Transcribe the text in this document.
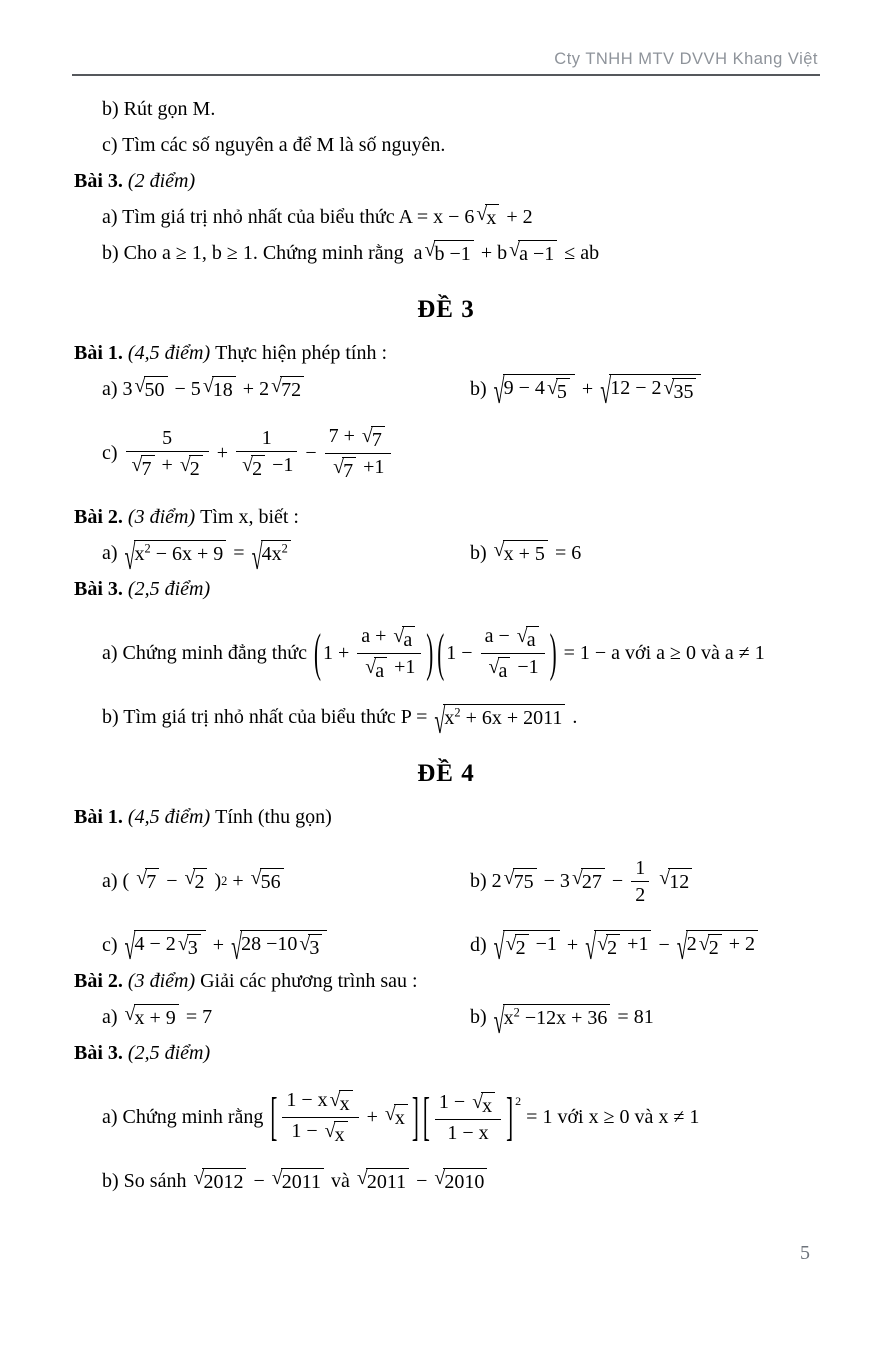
Cty TNHH MTV DVVH Khang Việt
b) Rút gọn M.
c) Tìm các số nguyên a để M là số nguyên.
Bài 3. (2 điểm)
a) Tìm giá trị nhỏ nhất của biểu thức A = x − 6 √ x + 2
b) Cho a ≥ 1, b ≥ 1. Chứng minh rằng  a √ b −1 + b √ a −1 ≤ ab
ĐỀ 3
Bài 1. (4,5 điểm) Thực hiện phép tính :
a) 3 √ 50 − 5 √ 18 + 2 √ 72	b) √ 9 − 4 √ 5 + √ 12 − 2 √ 35
$c) \frac{5}{√ 7 + √ 2} + \frac{1}{√ 2 -1} - \frac{7 + √ 7}{√ 7 +1}$
Bài 2. (3 điểm) Tìm x, biết :
a) √ $x^2 - 6x + 9$ = √ $4x^2$	b) √ x + 5 = 6
Bài 3. (2,5 điểm)
a) Chứng minh đẳng thức ( $1 + \frac{a + √ a}{√ a +1}$ ) ( $1 - \frac{a - √ a}{√ a -1}$ ) = 1 − a với a ≥ 0 và a ≠ 1
b) Tìm giá trị nhỏ nhất của biểu thức P = √ $x^2 + 6x + 2011$ .
ĐỀ 4
Bài 1. (4,5 điểm) Tính (thu gọn)
a) ( √ 7 − √ 2 ) 2 + √ 56	b) 2 √ 75 − 3 √ $27 - \frac{1}{2}$
√ 12
c) √ 4 − 2 √ 3 + √ 28 −10 √ 3	d) √ √ 2 −1 + √ √ 2 +1 − √ 2 √ 2 + 2
Bài 2. (3 điểm) Giải các phương trình sau :
a) √ x + 9 = 7	b) √ $x^2 -12x + 36 = 81$
Bài 3. (2,5 điểm)
a) Chứng minh rằng [ $\frac{1 - x √ x}{1 - √ x}$ + √ x ] [ $\frac{1 - √ x}{1 - x} ]^2$
= 1 với x ≥ 0 và x ≠ 1
b) So sánh √ 2012 − √ 2011 và √ 2011 − √ 2010
5
